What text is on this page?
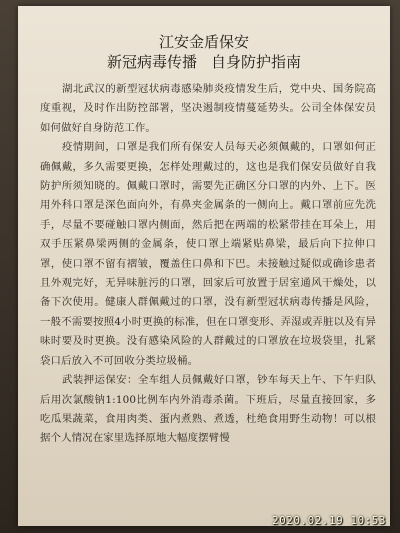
江安金盾保安
新冠病毒传播 自身防护指南

湖北武汉的新型冠状病毒感染肺炎疫情发生后，党中央、国务院高度重视，及时作出防控部署，坚决遏制疫情蔓延势头。公司全体保安员如何做好自身防范工作。

疫情期间，口罩是我们所有保安人员每天必须佩戴的，口罩如何正确佩戴，多久需要更换，怎样处理戴过的，这也是我们保安员做好自我防护所须知晓的。佩戴口罩时，需要先正确区分口罩的内外、上下。医用外科口罩是深色面向外，有鼻夹金属条的一侧向上。戴口罩前应先洗手，尽量不要碰触口罩内侧面，然后把在两端的松紧带挂在耳朵上，用双手压紧鼻梁两侧的金属条，使口罩上端紧贴鼻梁，最后向下拉伸口罩，使口罩不留有褶皱，覆盖住口鼻和下巴。未接触过疑似或确诊患者且外观完好，无异味脏污的口罩，回家后可放置于居室通风干燥处，以备下次使用。健康人群佩戴过的口罩，没有新型冠状病毒传播是风险，一般不需要按照4小时更换的标准，但在口罩变形、弄湿或弄脏以及有异味时要及时更换。没有感染风险的人群戴过的口罩放在垃圾袋里，扎紧袋口后放入不可回收分类垃圾桶。

武装押运保安：全车组人员佩戴好口罩，钞车每天上午、下午归队后用次氯酸钠1:100比例车内外消毒杀菌。下班后，尽量直接回家，多吃瓜果蔬菜，食用肉类、蛋内煮熟、煮透，杜绝食用野生动物！可以根据个人情况在家里选择原地大幅度摆臂慢

2020.02.19 10:53
